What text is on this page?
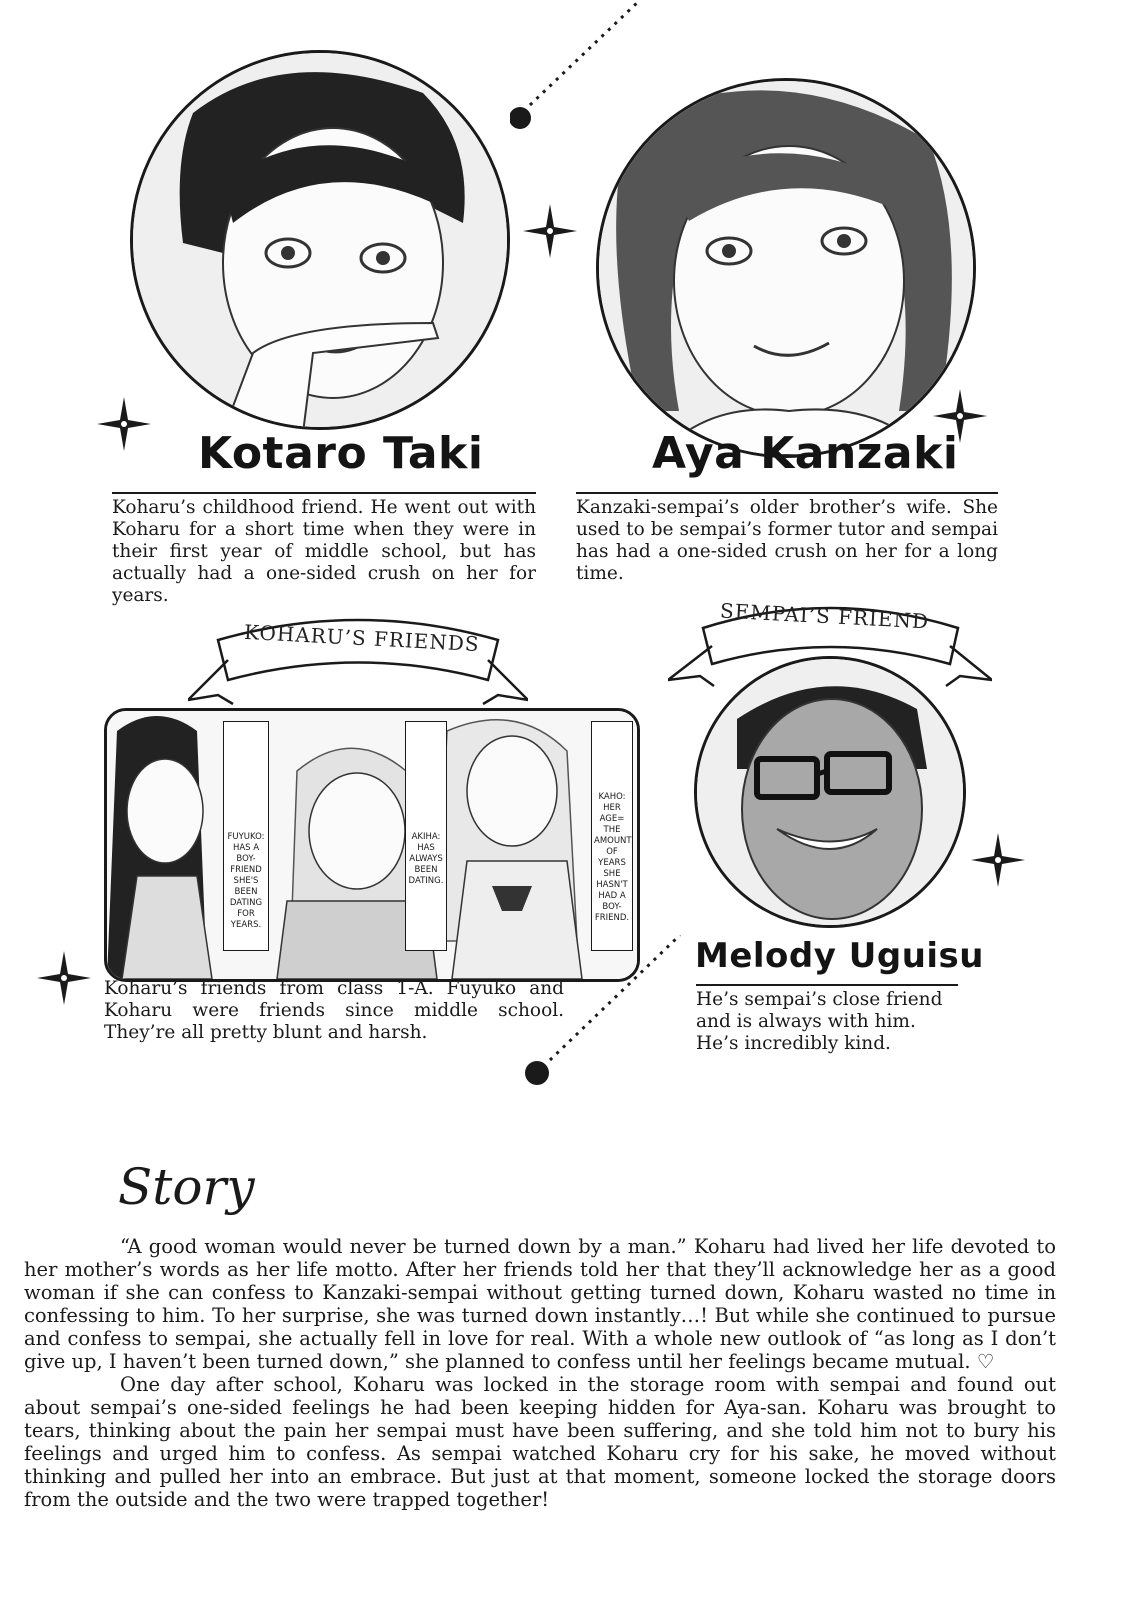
Kotaro Taki

Koharu’s childhood friend. He went out with Koharu for a short time when they were in their first year of middle school, but has actually had a one-sided crush on her for years.

Aya Kanzaki

Kanzaki-sempai’s older brother’s wife. She used to be sempai’s former tutor and sempai has had a one-sided crush on her for a long time.

KOHARU’S FRIENDS
FUYUKO: HAS A BOY-FRIEND SHE'S BEEN DATING FOR YEARS.
AKIHA: HAS ALWAYS BEEN DATING.
KAHO: HER AGE= THE AMOUNT OF YEARS SHE HASN'T HAD A BOY-FRIEND.

Koharu’s friends from class 1-A. Fuyuko and Koharu were friends since middle school. They’re all pretty blunt and harsh.

SEMPAI’S FRIEND
Melody Uguisu

He’s sempai’s close friend and is always with him. He’s incredibly kind.

Story

“A good woman would never be turned down by a man.” Koharu had lived her life devoted to her mother’s words as her life motto. After her friends told her that they’ll acknowledge her as a good woman if she can confess to Kanzaki-sempai without getting turned down, Koharu wasted no time in confessing to him. To her surprise, she was turned down instantly…! But while she continued to pursue and confess to sempai, she actually fell in love for real. With a whole new outlook of “as long as I don’t give up, I haven’t been turned down,” she planned to confess until her feelings became mutual. ♡

One day after school, Koharu was locked in the storage room with sempai and found out about sempai’s one-sided feelings he had been keeping hidden for Aya-san. Koharu was brought to tears, thinking about the pain her sempai must have been suffering, and she told him not to bury his feelings and urged him to confess. As sempai watched Koharu cry for his sake, he moved without thinking and pulled her into an embrace. But just at that moment, someone locked the storage doors from the outside and the two were trapped together!
